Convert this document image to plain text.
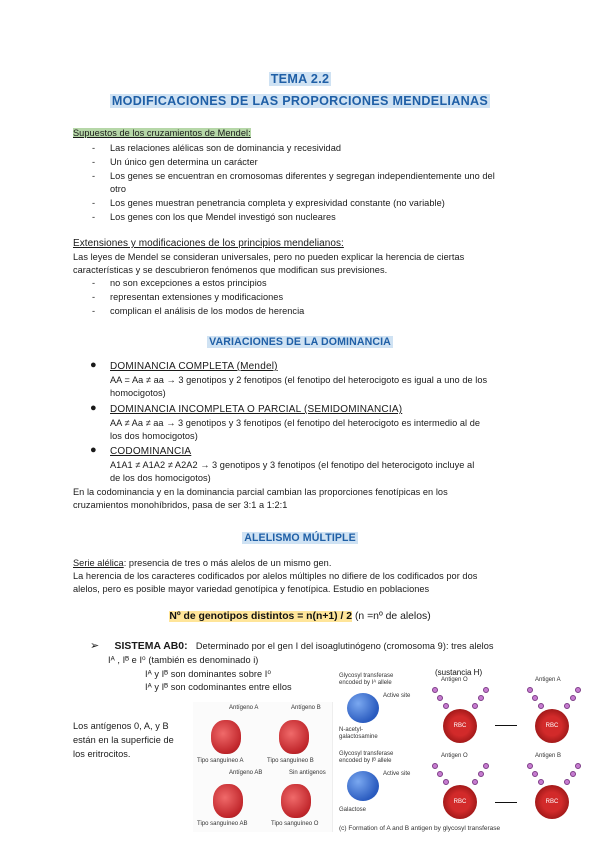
TEMA 2.2
MODIFICACIONES DE LAS PROPORCIONES MENDELIANAS
Supuestos de los cruzamientos de Mendel:
- Las relaciones alélicas son de dominancia y recesividad
- Un único gen determina un carácter
- Los genes se encuentran en cromosomas diferentes y segregan independientemente uno del
otro
- Los genes muestran penetrancia completa y expresividad constante (no variable)
- Los genes con los que Mendel investigó son nucleares
Extensiones y modificaciones de los principios mendelianos:
Las leyes de Mendel se consideran universales, pero no pueden explicar la herencia de ciertas
características y se descubrieron fenómenos que modifican sus previsiones.
- no son excepciones a estos principios
- representan extensiones y modificaciones
- complican el análisis de los modos de herencia
VARIACIONES DE LA DOMINANCIA
● DOMINANCIA COMPLETA (Mendel)
AA = Aa ≠ aa → 3 genotipos y 2 fenotipos (el fenotipo del heterocigoto es igual a uno de los
homocigotos)
● DOMINANCIA INCOMPLETA O PARCIAL (SEMIDOMINANCIA)
AA ≠ Aa ≠ aa → 3 genotipos y 3 fenotipos (el fenotipo del heterocigoto es intermedio al de
los dos homocigotos)
● CODOMINANCIA
A1A1 ≠ A1A2 ≠ A2A2 → 3 genotipos y 3 fenotipos (el fenotipo del heterocigoto incluye al
de los dos homocigotos)
En la codominancia y en la dominancia parcial cambian las proporciones fenotípicas en los
cruzamientos monohíbridos, pasa de ser 3:1 a 1:2:1
ALELISMO MÚLTIPLE
Serie alélica: presencia de tres o más alelos de un mismo gen.
La herencia de los caracteres codificados por alelos múltiples no difiere de los codificados por dos
alelos, pero es posible mayor variedad genotípica y fenotípica. Estudio en poblaciones
Nº de genotipos distintos = n(n+1) / 2 (n =nº de alelos)
➢ SISTEMA AB0: Determinado por el gen I del isoaglutinógeno (cromosoma 9): tres alelos
Iᴬ , Iᴮ e I⁰ (también es denominado i)
Iᴬ y Iᴮ son dominantes sobre I⁰
Iᴬ y Iᴮ son codominantes entre ellos
Los antígenos 0, A, y B
están en la superficie de
los eritrocitos.
Antígeno A
Tipo sanguíneo A
Antígeno B
Tipo sanguíneo B
Antígeno AB
Tipo sanguíneo AB
Sin antígenos
Tipo sanguíneo O
(sustancia H)
Glycosyl transferase encoded by Iᴬ allele
Active site
N-acetyl-galactosamine
Antigen O
RBC
Antigen A
RBC
Glycosyl transferase encoded by Iᴮ allele
Active site
Galactose
Antigen O
RBC
Antigen B
RBC
(c) Formation of A and B antigen by glycosyl transferase
